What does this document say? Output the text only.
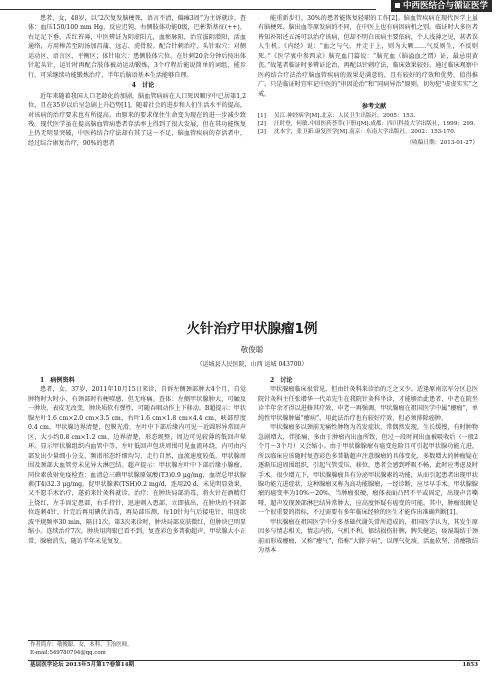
中西医结合与循证医学

患者，女，48岁，以“2次复发脑梗死，语言不清，偏瘫3周”为主诉就诊。查体：血压150/100 mm Hg，反应迟钝，右侧肢体功能0级，巴彬斯基征(++)，右足足下垂，舌红苔薄，中医辨证为阴虚阳亢，血瘀脉阻，治宜滋阴潜阳，活血通络，方用棒苦至阴汤加昌蒲、远志、虎骨胶。配合针刺治疗，头针取穴：对侧运动区、语言区、平衡区；体针取穴：患侧肢体穴位。在针刺20余分钟后按出体针起头针，运针时再配合肢体被动运动锻炼，3个疗程后能说简单的词组，能步行，可采继续功能锻炼治疗，半年后脑语基本生活能够自理。

4　讨论

近年来随着我国人口老龄化的加剧，脑血管病病在人口死因顺序中已居第1,2位，且在35岁以后呈急剧上升趋势[1]。随着社会的进步和人们生活水平的提高，对该病的治疗要求也有所提高。由原来的要求保住生命变为现在的进一步减少致残。现代医学虽在提高脑血管病患者存活率上得到了很大发展，但在其功能恢复上仍无明显突破，中医药结合疗法却有其了这一不足，脑血管疾病的存活者中，经过综合康复治疗，90%的患者

能重新步行，30%的患者能恢复轻职的工作[2]。脑血管疾病在现代医学上虽有脑梗死、脑出血等原发病的不同，在中医上也有病因病机之别。临证时大多医者皆知补阳还五汤可以治疗该病，但却不明白该病主要依病，个人浅薄之见，甚者误人生机。《内经》说：“血之与气，并走于上，则为大厥……气反则生，不反则死。”《医学衷中参西录》脑充血门篇说：“脑充血（脑溢血之谓）证，最忌用黄芪。”故笔者临证时多辨证论治，再配以针刺疗法，临床效果较好。通过临床观察中医药结合疗法治疗脑血管疾病的效果是满意的，且有较好的疗效和优势，值得推广。只是临证时宜牢记中医的“审因论治”和“同病异治”原则，切勿犯“虚虚实实”之戒。

参考文献

[1]	吴江.神经病学[M].北京：人民卫生出版社，2005：153.
[2]	汪时登，何敏.中国医药荟萃(下册)[M].成都：四川科技大学出版社，1999：299.
[3]	沈本宇，张卫新.康复医学[M].南京：东南大学出版社，2002：153-170.
（收稿日期：2013-01-27）
火针治疗甲状腺瘤1例
敬俊聪
（运城县人民医院，山西 运城 043700）

1　病例资料

患者，女，37岁，2011年10月15日来诊，自诉左侧颈部肿大4个月，自觉肿物时大时小，有颈部时有梗噎感，但无疼痛。查体：左侧甲状腺肿大，可触及一肿块，表皮无改变，肿块质软有弹性，可随吞咽动作上下移动。B超提示：甲状腺左叶1.6 cm×2.0 cm×3.5 cm，右叶1.6 cm×1.8 cm×4.4 cm，峡部厚度0.4 cm，甲状腺边界清楚，包膜光滑，左叶中下部后缘内可见一近圆形异常回声区，大小约0.8 cm×1.2 cm，边界清楚，形态规整，周边可见较薄的低回声晕环。显示甲状腺组织内血管中等，左叶低回声包块周围可见血流环绕，内可由内部发出少量细小分支，频谱形态纤细均匀，走行自然，血流速度较低，甲状腺周围及颈部大血管旁未见异大淋巴结。超声提示：甲状腺左叶中下部后缘小腺瘤。同位素放射免疫检查：血清总三碘甲状腺原氨酸(T3)0.9 μg/mg，血清总甲状腺素(T4)32.3 μg/mg，促甲状腺素(TSH)0.2 mg/d，连用20 d，未见明显效果，又不愿手术治疗，遂前来针灸科就诊。治疗：在肿块局部消毒，将火针在酒精灯上烧红，左手固定患部，右手持针，迅速刺入患部，立即拔出，在肿块的不同部位连刺4针，针完后再用碘伏消毒，再局部压测，每10针每气后接电针，用连续波平规频率30 min，隔日1次。第3次来诊时，肿块局部皮肤微红，但肿块已明显缩小。连续治疗7次，肿块用肉眼已看不到，复查彩色多普勒超声，甲状腺大小正常，腺瘤消失，随访半年未见复发。

2　讨论

甲状腺瘤临床很常见，但由针灸科来诊治的乏之又少。适逢原南京军分区总医院针灸科主任张增华一代弟先生在我院针灸科坐诊，才能够治此患者，中老在院坐诊半年余才得以进修其疗效，申老一再强调，甲状腺瘤在祖国医学中属“瘿瘤”，单纯性甲状腺肿属“瘿病”，用此法治疗也有较好疗效，但必须排除癌肿。

甲状腺瘤多以颈前无痛性肿物为首发症状，常偶然发现，生长缓慢，有时肿物急剧增大，伴胀痛，多由于肿瘤内出血所致，但过一段时间出血被吸收后（一般2个月～3个月）又会缩小。由于甲状腺腺瘤有癌变危险且可引起甲状腺功能亢进，所以临床应该随时复查彩色多普勒超声注意腺瘤的具体变化，多数增大的肿瘤疑在逐渐压迫周围组织，引起气管受压、移位，患者会感到呼吸不畅，此时应考虑及时手术。很少增亢下，甲状腺腺瘤具有分泌甲状腺素的功能，从而引起患者出现甲状腺功能亢进症状，这种腺瘤又称为高功能腺瘤，一经诊断，应尽早手术。甲状腺腺瘤的癌变率为10%～20%，当肿瘤很硬，瘤体表面凸凹不平或固定，出现声音嘶哑，超声发现颈部淋巴结异常肿大，应高度怀疑有癌变的可能。其中，肿瘤很硬是一个很重要的指标，不过需要有多年临床经验的医生才能作出准确判断[1]。

甲状腺瘤在祖国医学中分多基础代谢失常所造成的，祖国医学认为，其发生原因多与情志相关，情志内伤，气机不利，郁结损伤肝脾，脾失健运，痰湿凝结于颈前而形成瘿瘤，又称“瘿气”，俗称“大脖子病”，以理气化痰，活血软坚，消瘿散结为基本

作者简介：敬俊聪，女，本科，主治医师。
E-mail:549780794@qq.com
基层医学论坛 2013年5月第17卷第14期	1853
